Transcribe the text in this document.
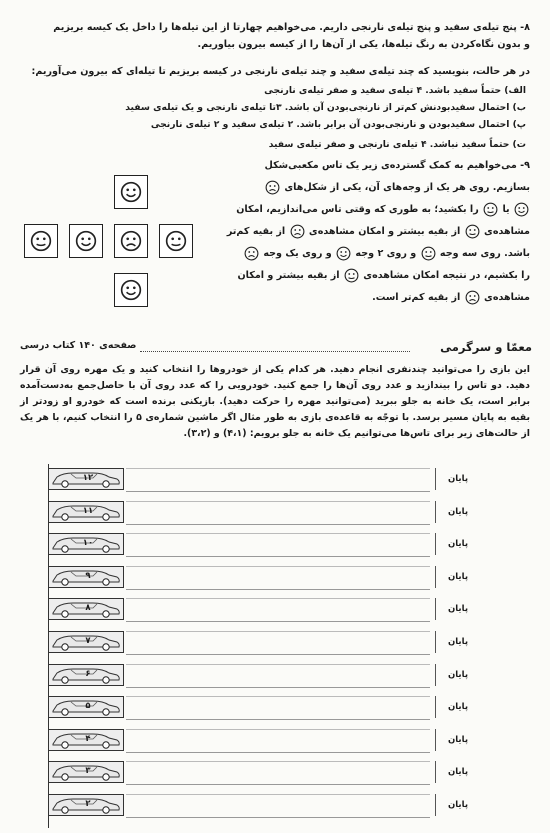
۸- پنج تیله‌ی سفید و پنج تیله‌ی نارنجی داریم. می‌خواهیم چهارتا از این تیله‌ها را داخل یک کیسه بریزیم
و بدون نگاه‌کردن به رنگ تیله‌ها، یکی از آن‌ها را از کیسه بیرون بیاوریم.
در هر حالت، بنویسید که چند تیله‌ی سفید و چند تیله‌ی نارنجی در کیسه بریزیم تا تیله‌ای که بیرون می‌آوریم:
الف) حتماً سفید باشد. ۴ تیله‌ی سفید و صفر تیله‌ی نارنجی
ب) احتمال سفیدبودنش کم‌تر از نارنجی‌بودن آن باشد. ۳تا تیله‌ی نارنجی و یک تیله‌ی سفید
پ) احتمال سفیدبودن و نارنجی‌بودن آن برابر باشد. ۲ تیله‌ی سفید و ۲ تیله‌ی نارنجی
ت) حتماً سفید نباشد. ۴ تیله‌ی نارنجی و صفر تیله‌ی سفید
۹- می‌خواهیم به کمک گسترده‌ی زیر یک تاس مکعبی‌شکل
بسازیم. روی هر یک از وجه‌های آن، یکی از شکل‌های
یا  را بکشید؛ به طوری که وقتی تاس می‌اندازیم، امکان
مشاهده‌ی  از بقیه بیشتر و امکان مشاهده‌ی  از بقیه کم‌تر
باشد. روی سه وجه  و روی ۲ وجه  و روی یک وجه
را بکشیم، در نتیجه امکان مشاهده‌ی  از بقیه بیشتر و امکان
مشاهده‌ی  از بقیه کم‌تر است.
معمّا و سرگرمی
صفحه‌ی ۱۴۰ کتاب درسی
این بازی را می‌توانید چندنفری انجام دهید. هر کدام یکی از خودروها را انتخاب کنید و یک مهره روی آن قرار دهید. دو تاس را بیندازید و عدد روی آن‌ها را جمع کنید. خودرویی را که عدد روی آن با حاصل‌جمع به‌دست‌آمده برابر است، یک خانه به جلو ببرید (می‌توانید مهره را حرکت دهید). بازیکنی برنده است که خودرو او زودتر از بقیه به پایان مسیر برسد. با توجّه به قاعده‌ی بازی به طور مثال اگر ماشین شماره‌ی ۵ را انتخاب کنیم، با هر یک از حالت‌های زیر برای تاس‌ها می‌توانیم یک خانه به جلو برویم: (۴،۱) و (۳،۲).
۱۲	پایان
۱۱	پایان
۱۰	پایان
۹	پایان
۸	پایان
۷	پایان
۶	پایان
۵	پایان
۴	پایان
۳	پایان
۲	پایان
